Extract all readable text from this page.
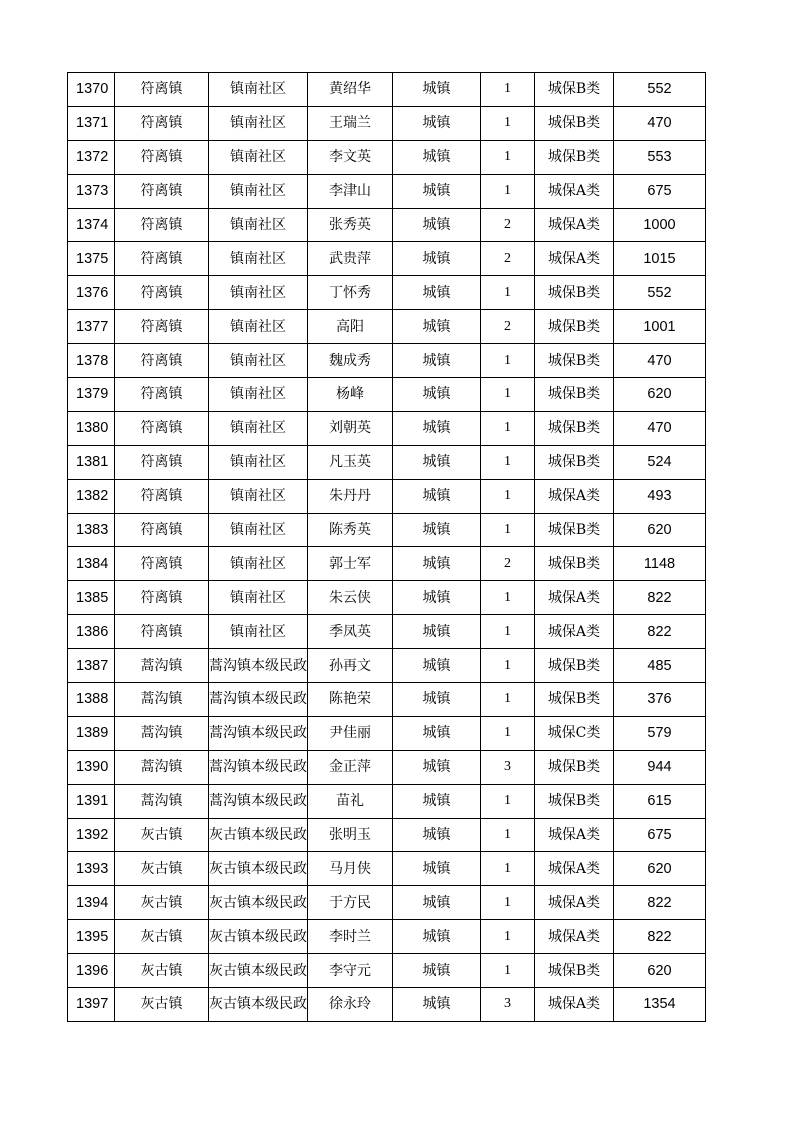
1370	符离镇	镇南社区	黄绍华	城镇	1	城保B类	552
1371	符离镇	镇南社区	王瑞兰	城镇	1	城保B类	470
1372	符离镇	镇南社区	李文英	城镇	1	城保B类	553
1373	符离镇	镇南社区	李津山	城镇	1	城保A类	675
1374	符离镇	镇南社区	张秀英	城镇	2	城保A类	1000
1375	符离镇	镇南社区	武贵萍	城镇	2	城保A类	1015
1376	符离镇	镇南社区	丁怀秀	城镇	1	城保B类	552
1377	符离镇	镇南社区	高阳	城镇	2	城保B类	1001
1378	符离镇	镇南社区	魏成秀	城镇	1	城保B类	470
1379	符离镇	镇南社区	杨峰	城镇	1	城保B类	620
1380	符离镇	镇南社区	刘朝英	城镇	1	城保B类	470
1381	符离镇	镇南社区	凡玉英	城镇	1	城保B类	524
1382	符离镇	镇南社区	朱丹丹	城镇	1	城保A类	493
1383	符离镇	镇南社区	陈秀英	城镇	1	城保B类	620
1384	符离镇	镇南社区	郭士军	城镇	2	城保B类	1148
1385	符离镇	镇南社区	朱云侠	城镇	1	城保A类	822
1386	符离镇	镇南社区	季凤英	城镇	1	城保A类	822
1387	蒿沟镇	蒿沟镇本级民政	孙再文	城镇	1	城保B类	485
1388	蒿沟镇	蒿沟镇本级民政	陈艳荣	城镇	1	城保B类	376
1389	蒿沟镇	蒿沟镇本级民政	尹佳丽	城镇	1	城保C类	579
1390	蒿沟镇	蒿沟镇本级民政	金正萍	城镇	3	城保B类	944
1391	蒿沟镇	蒿沟镇本级民政	苗礼	城镇	1	城保B类	615
1392	灰古镇	灰古镇本级民政	张明玉	城镇	1	城保A类	675
1393	灰古镇	灰古镇本级民政	马月侠	城镇	1	城保A类	620
1394	灰古镇	灰古镇本级民政	于方民	城镇	1	城保A类	822
1395	灰古镇	灰古镇本级民政	李时兰	城镇	1	城保A类	822
1396	灰古镇	灰古镇本级民政	李守元	城镇	1	城保B类	620
1397	灰古镇	灰古镇本级民政	徐永玲	城镇	3	城保A类	1354
